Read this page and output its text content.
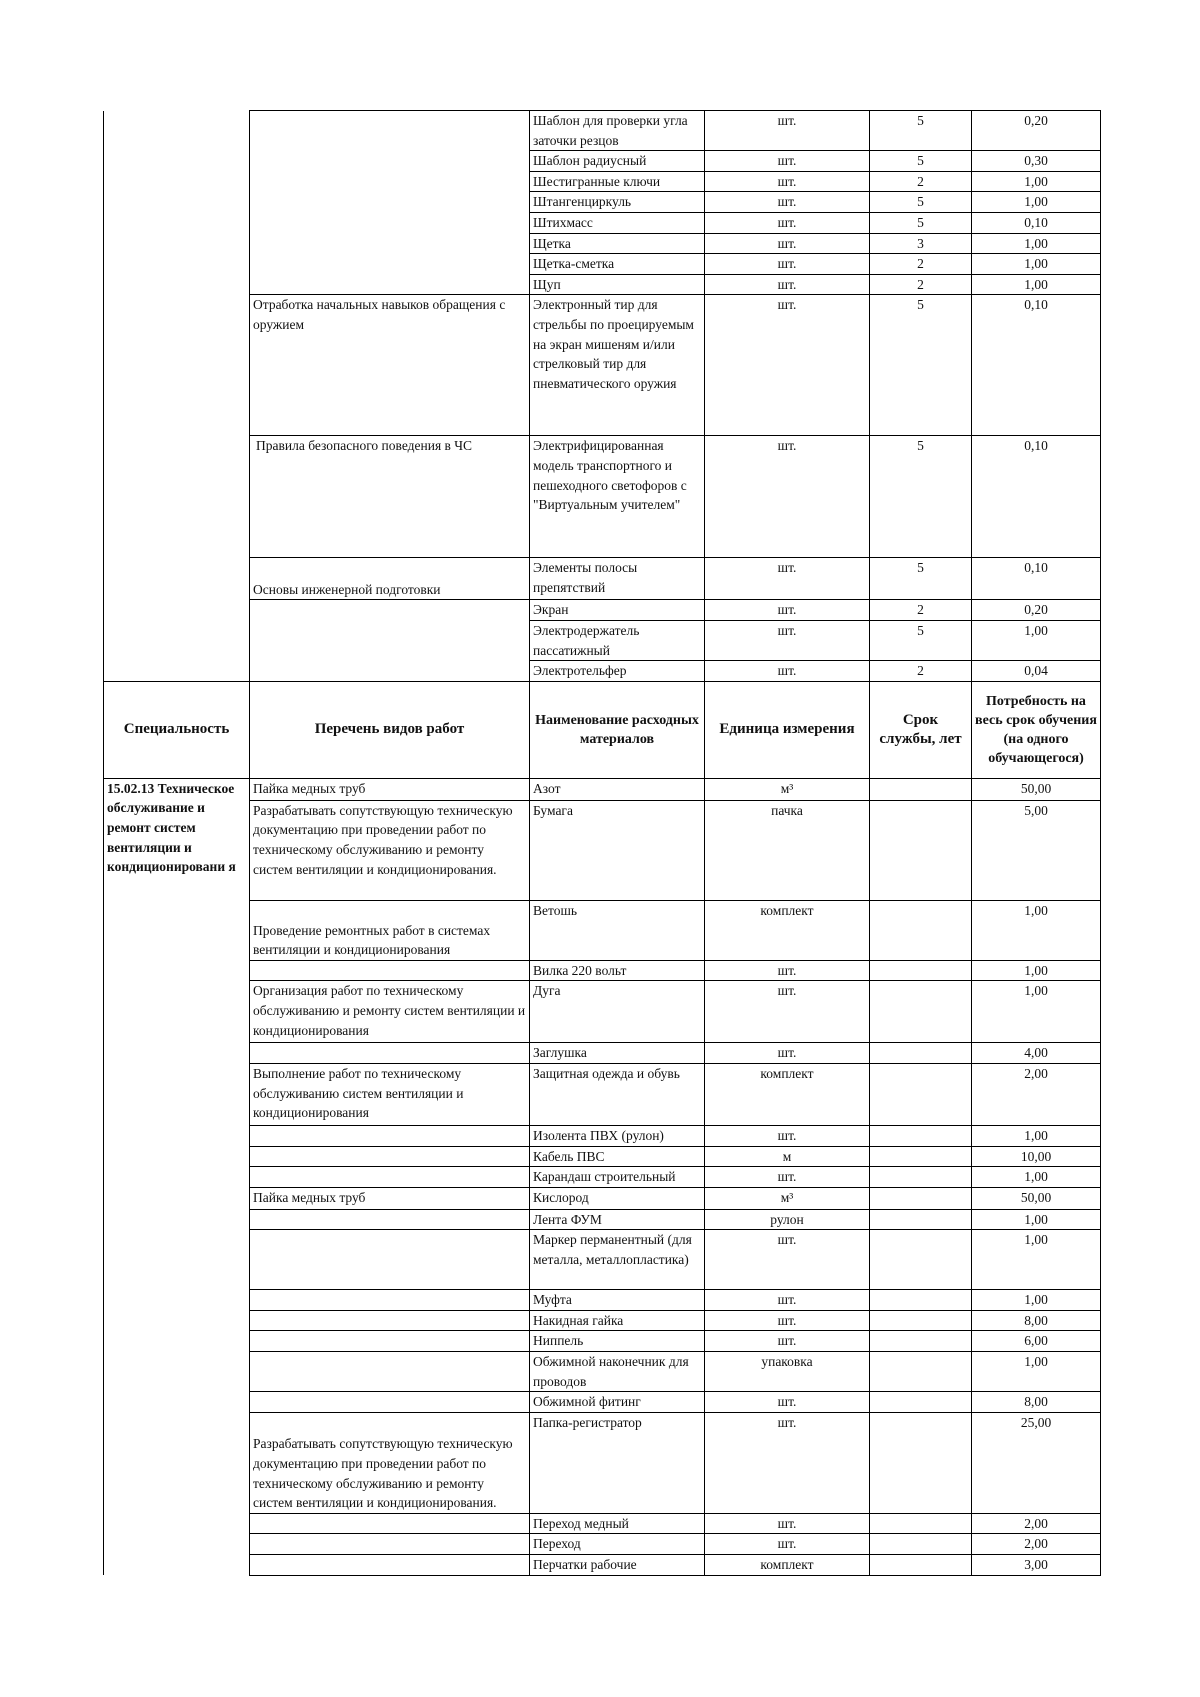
		Шаблон для проверки угла заточки резцов	шт.	5	0,20
		Шаблон радиусный	шт.	5	0,30
		Шестигранные ключи	шт.	2	1,00
		Штангенциркуль	шт.	5	1,00
		Штихмасс	шт.	5	0,10
		Щетка	шт.	3	1,00
		Щетка-сметка	шт.	2	1,00
		Щуп	шт.	2	1,00
	Отработка начальных навыков обращения с оружием	Электронный тир для стрельбы по проецируемым на экран мишеням и/или стрелковый тир для пневматического оружия	шт.	5	0,10
	Правила безопасного поведения в ЧС	Электрифицированная модель транспортного и пешеходного светофоров с "Виртуальным учителем"	шт.	5	0,10
	Основы инженерной подготовки	Элементы полосы препятствий	шт.	5	0,10
		Экран	шт.	2	0,20
		Электродержатель пассатижный	шт.	5	1,00
		Электротельфер	шт.	2	0,04
Специальность	Перечень видов работ	Наименование расходных материалов	Единица измерения	Срок службы, лет	Потребность на весь срок обучения (на одного обучающегося)
15.02.13 Техническое обслуживание и ремонт систем вентиляции и кондиционировани я	Пайка медных труб	Азот	м³		50,00
	Разрабатывать сопутствующую техническую документацию при проведении работ по техническому обслуживанию и ремонту систем вентиляции и кондиционирования.	Бумага	пачка		5,00
	Проведение ремонтных работ в системах вентиляции и кондиционирования	Ветошь	комплект		1,00
		Вилка 220 вольт	шт.		1,00
	Организация работ по техническому обслуживанию и ремонту систем вентиляции и кондиционирования	Дуга	шт.		1,00
		Заглушка	шт.		4,00
	Выполнение работ по техническому обслуживанию систем вентиляции и кондиционирования	Защитная одежда и обувь	комплект		2,00
		Изолента ПВХ (рулон)	шт.		1,00
		Кабель ПВС	м		10,00
		Карандаш строительный	шт.		1,00
	Пайка медных труб	Кислород	м³		50,00
		Лента ФУМ	рулон		1,00
		Маркер перманентный (для металла, металлопластика)	шт.		1,00
		Муфта	шт.		1,00
		Накидная гайка	шт.		8,00
		Ниппель	шт.		6,00
		Обжимной наконечник для проводов	упаковка		1,00
		Обжимной фитинг	шт.		8,00
	Разрабатывать сопутствующую техническую документацию при проведении работ по техническому обслуживанию и ремонту систем вентиляции и кондиционирования.	Папка-регистратор	шт.		25,00
		Переход медный	шт.		2,00
		Переход	шт.		2,00
		Перчатки рабочие	комплект		3,00
